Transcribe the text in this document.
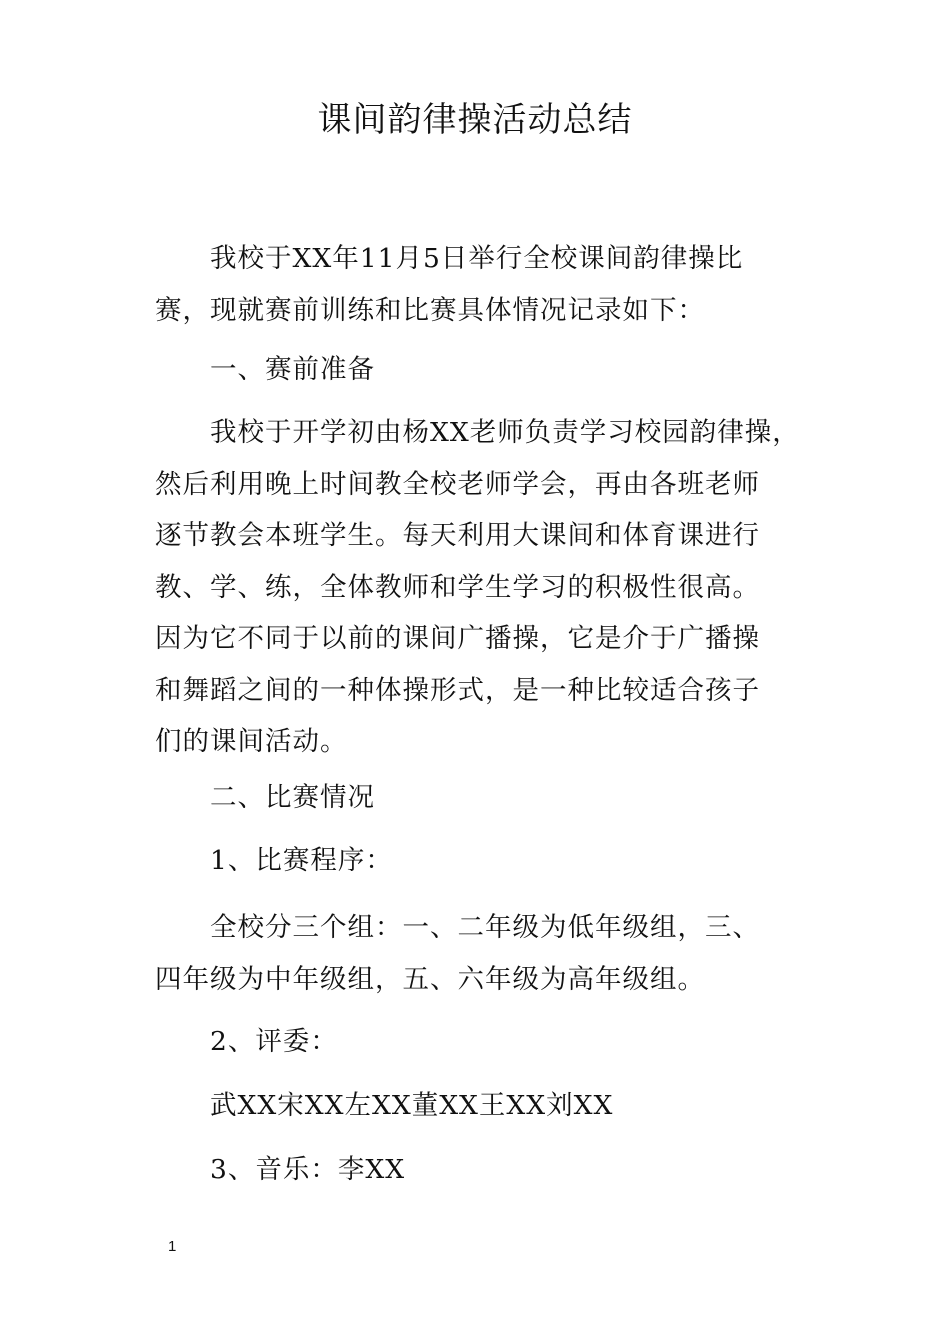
课间韵律操活动总结

　　我校于XX年11月5日举行全校课间韵律操比
赛，现就赛前训练和比赛具体情况记录如下：

　　一、赛前准备

　　我校于开学初由杨XX老师负责学习校园韵律操，
然后利用晚上时间教全校老师学会，再由各班老师
逐节教会本班学生。每天利用大课间和体育课进行
教、学、练，全体教师和学生学习的积极性很高。
因为它不同于以前的课间广播操，它是介于广播操
和舞蹈之间的一种体操形式，是一种比较适合孩子
们的课间活动。

　　二、比赛情况

　　1、比赛程序：

　　全校分三个组：一、二年级为低年级组，三、
四年级为中年级组，五、六年级为高年级组。

　　2、评委：

　　武XX宋XX左XX董XX王XX刘XX

　　3、音乐：李XX

1
